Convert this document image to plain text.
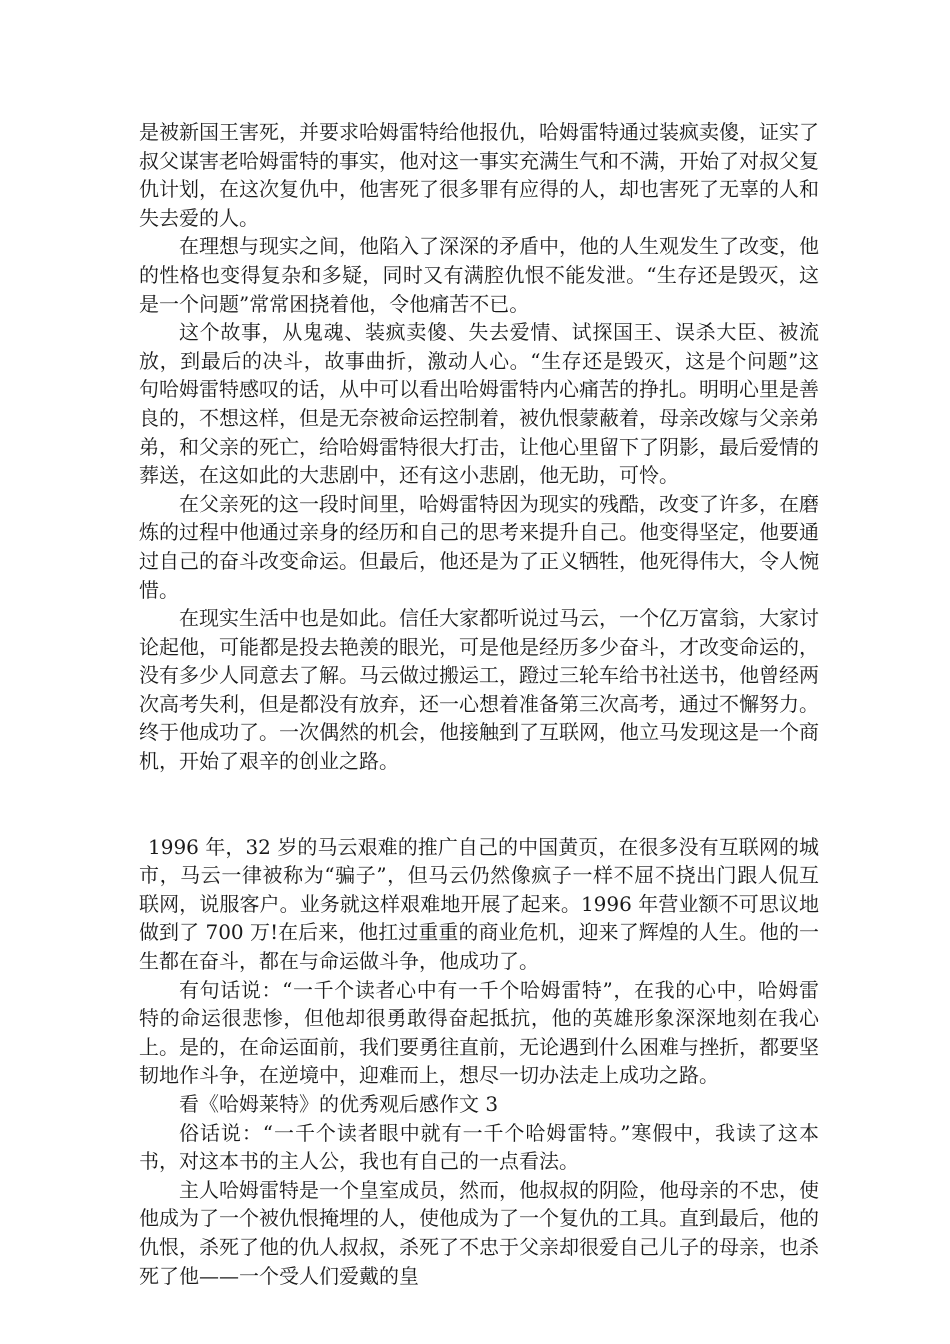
是被新国王害死，并要求哈姆雷特给他报仇，哈姆雷特通过装疯卖傻，证实了叔父谋害老哈姆雷特的事实，他对这一事实充满生气和不满，开始了对叔父复仇计划，在这次复仇中，他害死了很多罪有应得的人，却也害死了无辜的人和失去爱的人。

在理想与现实之间，他陷入了深深的矛盾中，他的人生观发生了改变，他的性格也变得复杂和多疑，同时又有满腔仇恨不能发泄。“生存还是毁灭，这是一个问题”常常困挠着他，令他痛苦不已。

这个故事，从鬼魂、装疯卖傻、失去爱情、试探国王、误杀大臣、被流放，到最后的决斗，故事曲折，激动人心。“生存还是毁灭，这是个问题”这句哈姆雷特感叹的话，从中可以看出哈姆雷特内心痛苦的挣扎。明明心里是善良的，不想这样，但是无奈被命运控制着，被仇恨蒙蔽着，母亲改嫁与父亲弟弟，和父亲的死亡，给哈姆雷特很大打击，让他心里留下了阴影，最后爱情的葬送，在这如此的大悲剧中，还有这小悲剧，他无助，可怜。

在父亲死的这一段时间里，哈姆雷特因为现实的残酷，改变了许多，在磨炼的过程中他通过亲身的经历和自己的思考来提升自己。他变得坚定，他要通过自己的奋斗改变命运。但最后，他还是为了正义牺牲，他死得伟大，令人惋惜。

在现实生活中也是如此。信任大家都听说过马云，一个亿万富翁，大家讨论起他，可能都是投去艳羡的眼光，可是他是经历多少奋斗，才改变命运的，没有多少人同意去了解。马云做过搬运工，蹬过三轮车给书社送书，他曾经两次高考失利，但是都没有放弃，还一心想着准备第三次高考，通过不懈努力。终于他成功了。一次偶然的机会，他接触到了互联网，他立马发现这是一个商机，开始了艰辛的创业之路。

1996 年，32 岁的马云艰难的推广自己的中国黄页，在很多没有互联网的城市，马云一律被称为“骗子”，但马云仍然像疯子一样不屈不挠出门跟人侃互联网，说服客户。业务就这样艰难地开展了起来。1996 年营业额不可思议地做到了 700 万!在后来，他扛过重重的商业危机，迎来了辉煌的人生。他的一生都在奋斗，都在与命运做斗争，他成功了。

有句话说：“一千个读者心中有一千个哈姆雷特”，在我的心中，哈姆雷特的命运很悲惨，但他却很勇敢得奋起抵抗，他的英雄形象深深地刻在我心上。是的，在命运面前，我们要勇往直前，无论遇到什么困难与挫折，都要坚韧地作斗争，在逆境中，迎难而上，想尽一切办法走上成功之路。

看《哈姆莱特》的优秀观后感作文 3

俗话说：“一千个读者眼中就有一千个哈姆雷特。”寒假中，我读了这本书，对这本书的主人公，我也有自己的一点看法。

主人哈姆雷特是一个皇室成员，然而，他叔叔的阴险，他母亲的不忠，使他成为了一个被仇恨掩埋的人，使他成为了一个复仇的工具。直到最后，他的仇恨，杀死了他的仇人叔叔，杀死了不忠于父亲却很爱自己儿子的母亲，也杀死了他——一个受人们爱戴的皇
